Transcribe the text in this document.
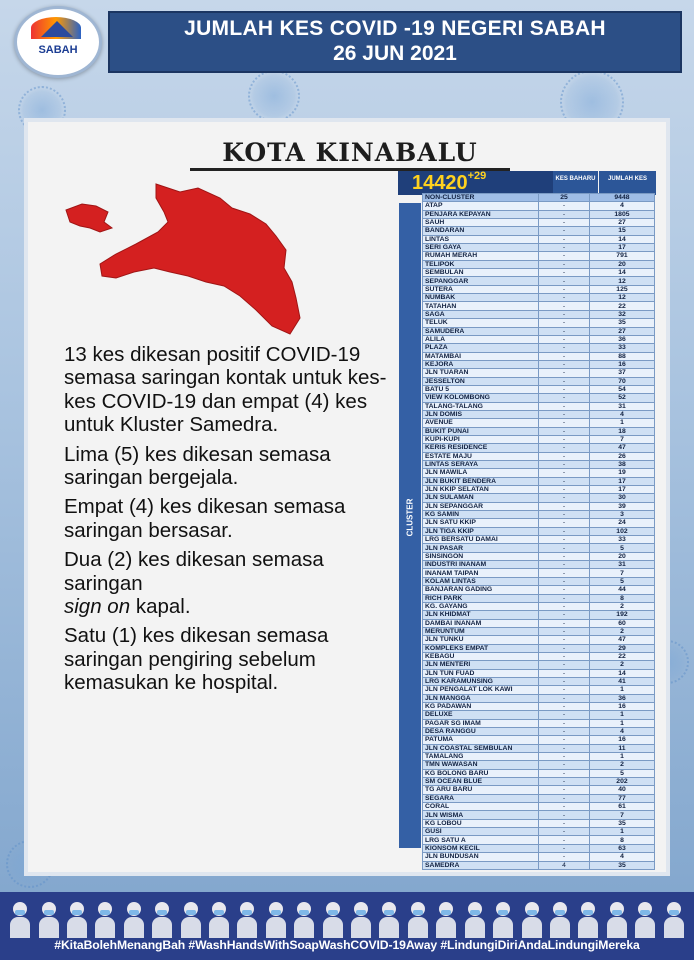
SABAH
JUMLAH KES COVID -19 NEGERI SABAH
26 JUN 2021
KOTA KINABALU

13 kes dikesan positif COVID-19 semasa saringan kontak untuk kes-kes COVID-19 dan empat (4) kes untuk Kluster Samedra.

Lima (5) kes dikesan semasa saringan bergejala.

Empat (4) kes dikesan semasa saringan bersasar.

Dua (2) kes dikesan semasa saringan
sign on kapal.

Satu (1) kes dikesan semasa saringan pengiring sebelum kemasukan ke hospital.

$14420^{+29}$	KES BAHARU	JUMLAH KES
CLUSTER
NON-CLUSTER	25	9448
ATAP	-	4
PENJARA KEPAYAN	-	1805
SAUH	-	27
BANDARAN	-	15
LINTAS	-	14
SERI GAYA	-	17
RUMAH MERAH	-	791
TELIPOK	-	20
SEMBULAN	-	14
SEPANGGAR	-	12
SUTERA	-	125
NUMBAK	-	12
TATAHAN	-	22
SAGA	-	32
TELUK	-	35
SAMUDERA	-	27
ALILA	-	36
PLAZA	-	33
MATAMBAI	-	88
KEJORA	-	16
JLN TUARAN	-	37
JESSELTON	-	70
BATU 5	-	54
VIEW KOLOMBONG	-	52
TALANG-TALANG	-	31
JLN DOMIS	-	4
AVENUE	-	1
BUKIT PUNAI	-	18
KUPI-KUPI	-	7
KERIS RESIDENCE	-	47
ESTATE MAJU	-	26
LINTAS SERAYA	-	38
JLN MAWILA	-	19
JLN BUKIT BENDERA	-	17
JLN KKIP SELATAN	-	17
JLN SULAMAN	-	30
JLN SEPANGGAR	-	39
KG SAMIN	-	3
JLN SATU KKIP	-	24
JLN TIGA KKIP	-	102
LRG BERSATU DAMAI	-	33
JLN PASAR	-	5
SINSINGON	-	20
INDUSTRI INANAM	-	31
INANAM TAIPAN	-	7
KOLAM LINTAS	-	5
BANJARAN GADING	-	44
RICH PARK	-	8
KG. GAYANG	-	2
JLN KHIDMAT	-	192
DAMBAI INANAM	-	60
MERUNTUM	-	2
JLN TUNKU	-	47
KOMPLEKS EMPAT	-	29
KEBAGU	-	22
JLN MENTERI	-	2
JLN TUN FUAD	-	14
LRG KARAMUNSING	-	41
JLN PENGALAT LOK KAWI	-	1
JLN MANGGA	-	36
KG PADAWAN	-	16
DELUXE	-	1
PAGAR SG IMAM	-	1
DESA RANGGU	-	4
PATUMA	-	16
JLN COASTAL SEMBULAN	-	11
TAMALANG	-	1
TMN WAWASAN	-	2
KG BOLONG BARU	-	5
SM OCEAN BLUE	-	202
TG ARU BARU	-	40
SEGARA	-	77
CORAL	-	61
JLN WISMA	-	7
KG LOBOU	-	35
GUSI	-	1
LRG SATU A	-	8
KIONSOM KECIL	-	63
JLN BUNDUSAN	-	4
SAMEDRA	4	35
#KitaBolehMenangBah #WashHandsWithSoapWashCOVID-19Away #LindungiDiriAndaLindungiMereka
